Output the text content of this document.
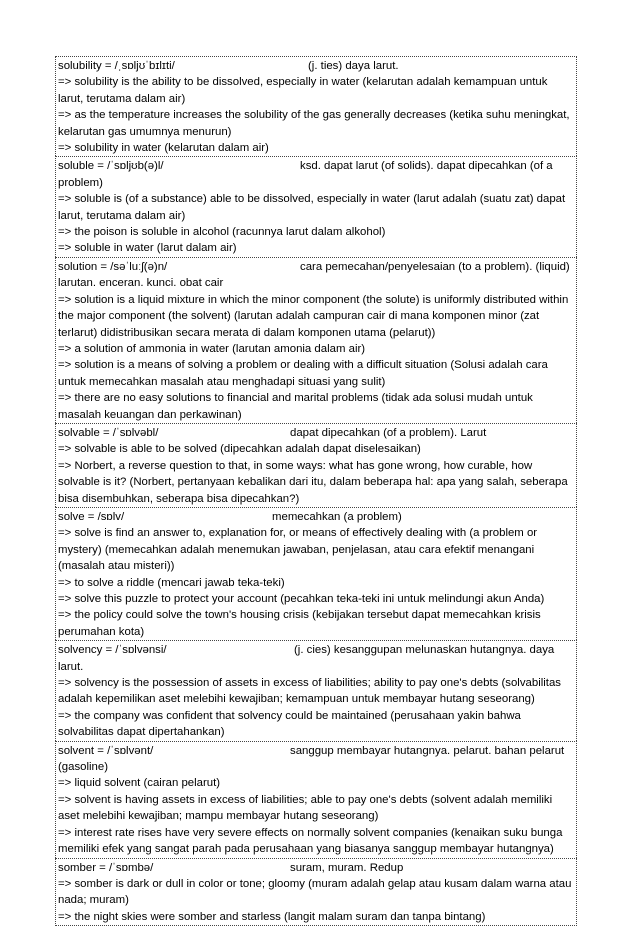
solubility = /ˌsɒljʊˈbɪlɪti/	(j. ties) daya larut.
=> solubility is the ability to be dissolved, especially in water (kelarutan adalah kemampuan untuk larut, terutama dalam air)
=> as the temperature increases the solubility of the gas generally decreases (ketika suhu meningkat, kelarutan gas umumnya menurun)
=> solubility in water (kelarutan dalam air)
soluble = /ˈsɒljʊb(ə)l/	ksd. dapat larut (of solids). dapat dipecahkan (of a problem)
=> soluble is (of a substance) able to be dissolved, especially in water (larut adalah (suatu zat) dapat larut, terutama dalam air)
=> the poison is soluble in alcohol (racunnya larut dalam alkohol)
=> soluble in water (larut dalam air)
solution = /səˈluːʃ(ə)n/	cara pemecahan/penyelesaian (to a problem). (liquid) larutan. enceran. kunci. obat cair
=> solution is a liquid mixture in which the minor component (the solute) is uniformly distributed within the major component (the solvent) (larutan adalah campuran cair di mana komponen minor (zat terlarut) didistribusikan secara merata di dalam komponen utama (pelarut))
=> a solution of ammonia in water (larutan amonia dalam air)
=> solution is a means of solving a problem or dealing with a difficult situation (Solusi adalah cara untuk memecahkan masalah atau menghadapi situasi yang sulit)
=> there are no easy solutions to financial and marital problems (tidak ada solusi mudah untuk masalah keuangan dan perkawinan)
solvable = /ˈsɒlvəbl/	dapat dipecahkan (of a problem). Larut
=> solvable is able to be solved (dipecahkan adalah dapat diselesaikan)
=> Norbert, a reverse question to that, in some ways: what has gone wrong, how curable, how solvable is it? (Norbert, pertanyaan kebalikan dari itu, dalam beberapa hal: apa yang salah, seberapa bisa disembuhkan, seberapa bisa dipecahkan?)
solve = /sɒlv/	memecahkan (a problem)
=> solve is find an answer to, explanation for, or means of effectively dealing with (a problem or mystery) (memecahkan adalah menemukan jawaban, penjelasan, atau cara efektif menangani (masalah atau misteri))
=> to solve a riddle (mencari jawab teka-teki)
=> solve this puzzle to protect your account (pecahkan teka-teki ini untuk melindungi akun Anda)
=> the policy could solve the town's housing crisis (kebijakan tersebut dapat memecahkan krisis perumahan kota)
solvency = /ˈsɒlvənsi/	(j. cies) kesanggupan melunaskan hutangnya. daya larut.
=> solvency is the possession of assets in excess of liabilities; ability to pay one's debts (solvabilitas adalah kepemilikan aset melebihi kewajiban; kemampuan untuk membayar hutang seseorang)
=> the company was confident that solvency could be maintained (perusahaan yakin bahwa solvabilitas dapat dipertahankan)
solvent = /ˈsɒlvənt/	sanggup membayar hutangnya. pelarut. bahan pelarut (gasoline)
=> liquid solvent (cairan pelarut)
=> solvent is having assets in excess of liabilities; able to pay one's debts (solvent adalah memiliki aset melebihi kewajiban; mampu membayar hutang seseorang)
=> interest rate rises have very severe effects on normally solvent companies (kenaikan suku bunga memiliki efek yang sangat parah pada perusahaan yang biasanya sanggup membayar hutangnya)
somber = /ˈsɒmbə/	suram, muram. Redup
=> somber is dark or dull in color or tone; gloomy (muram adalah gelap atau kusam dalam warna atau nada; muram)
=> the night skies were somber and starless (langit malam suram dan tanpa bintang)
